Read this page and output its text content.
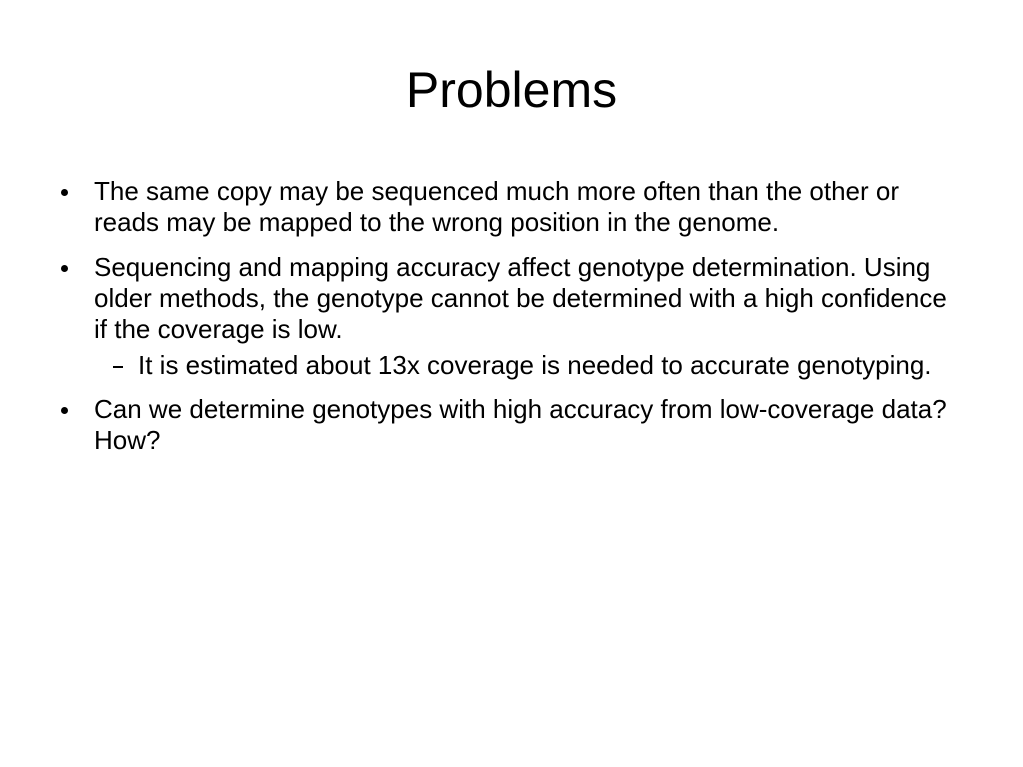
Problems
The same copy may be sequenced much more often than the other or reads may be mapped to the wrong position in the genome.
Sequencing and mapping accuracy affect genotype determination. Using older methods, the genotype cannot be determined with a high confidence if the coverage is low.
It is estimated about 13x coverage is needed to accurate genotyping.
Can we determine genotypes with high accuracy from low-coverage data? How?
